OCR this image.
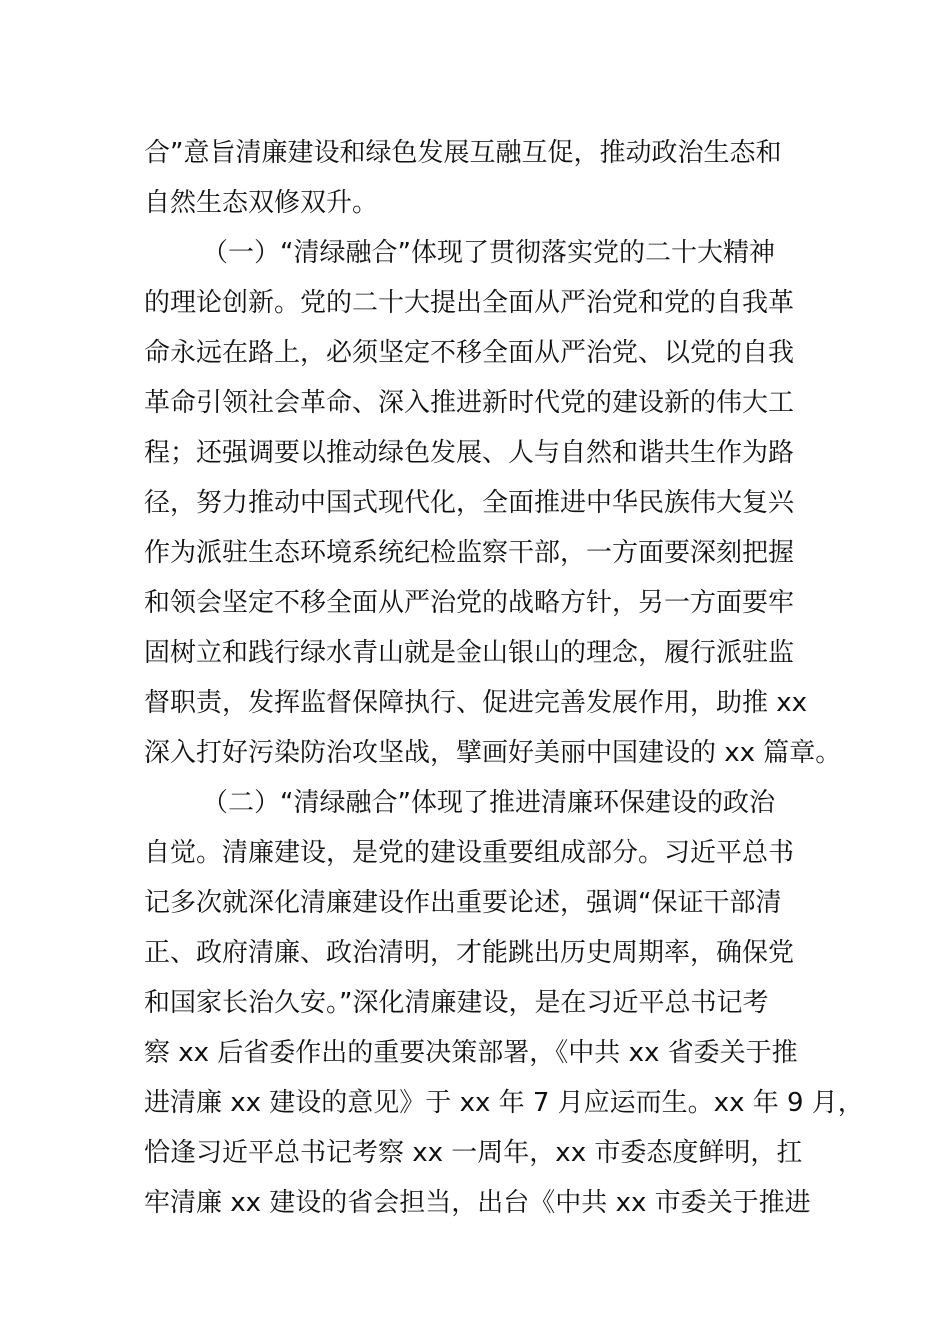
合”意旨清廉建设和绿色发展互融互促，推动政治生态和
自然生态双修双升。
（一）“清绿融合”体现了贯彻落实党的二十大精神
的理论创新。党的二十大提出全面从严治党和党的自我革
命永远在路上，必须坚定不移全面从严治党、以党的自我
革命引领社会革命、深入推进新时代党的建设新的伟大工
程；还强调要以推动绿色发展、人与自然和谐共生作为路
径，努力推动中国式现代化，全面推进中华民族伟大复兴
作为派驻生态环境系统纪检监察干部，一方面要深刻把握
和领会坚定不移全面从严治党的战略方针，另一方面要牢
固树立和践行绿水青山就是金山银山的理念，履行派驻监
督职责，发挥监督保障执行、促进完善发展作用，助推 xx
深入打好污染防治攻坚战，擘画好美丽中国建设的 xx 篇章。
（二）“清绿融合”体现了推进清廉环保建设的政治
自觉。清廉建设，是党的建设重要组成部分。习近平总书
记多次就深化清廉建设作出重要论述，强调“保证干部清
正、政府清廉、政治清明，才能跳出历史周期率，确保党
和国家长治久安。”深化清廉建设，是在习近平总书记考
察 xx 后省委作出的重要决策部署，《中共 xx 省委关于推
进清廉 xx 建设的意见》于 xx 年 7 月应运而生。xx 年 9 月，
恰逢习近平总书记考察 xx 一周年，xx 市委态度鲜明，扛
牢清廉 xx 建设的省会担当，出台《中共 xx 市委关于推进
